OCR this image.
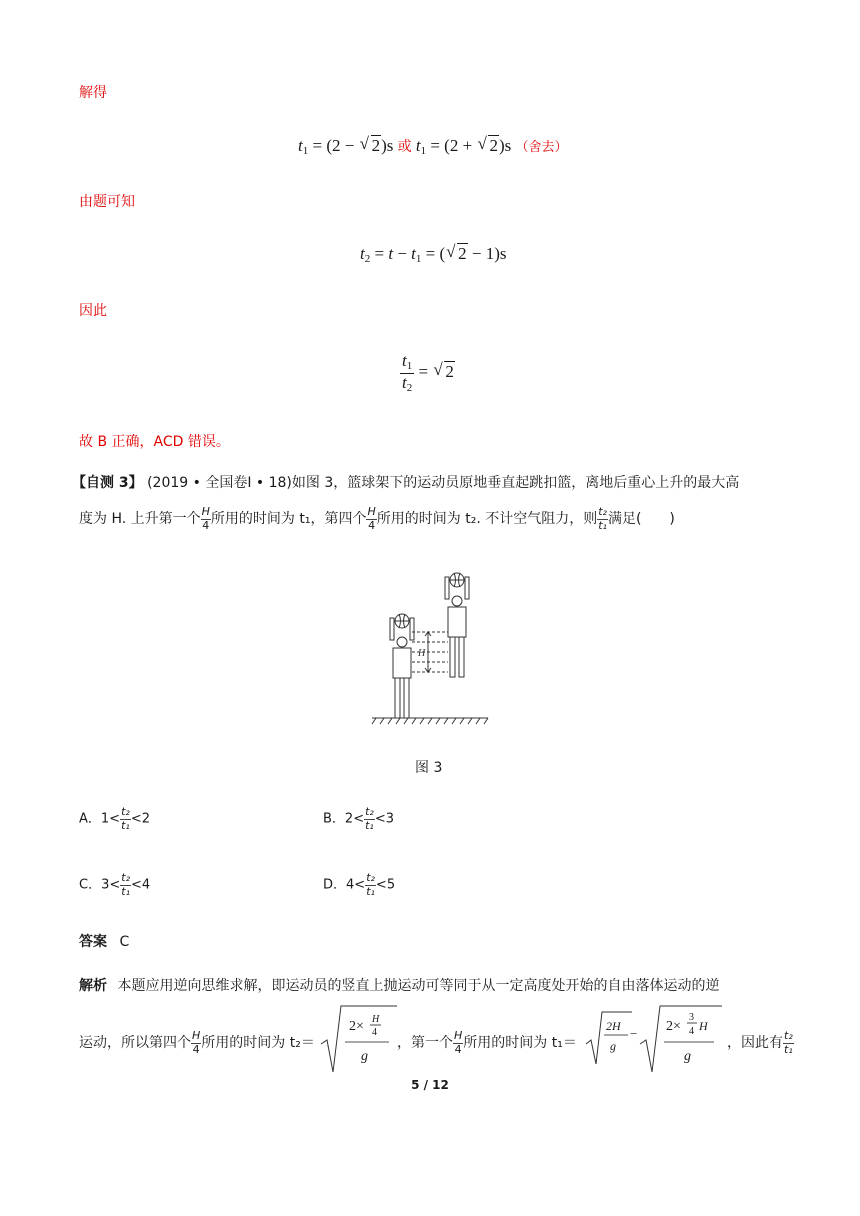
解得
$t_1 = (2$ − √ 2)s 或 $t_1 = (2$ + √ 2)s （舍去）
由题可知
$t_2 = t - t_1$ = ( √ 2 − 1)s
因此
$\frac{t_1}{t_2}$ = √ 2
故 B 正确，ACD 错误。
【自测 3】 (2019 • 全国卷Ⅰ • 18)如图 3，篮球架下的运动员原地垂直起跳扣篮，离地后重心上升的最大高
度为 H. 上升第一个 $\frac{H}{4}$ 所用的时间为 t₁，第四个 $\frac{H}{4}$ 所用的时间为 t₂. 不计空气阻力，则 $\frac{\text{t₂}}{\text{t₁}}$ 满足(　　)
H
图 3
A．$1< \frac{\text{t₂}}{\text{t₁}} <2$	B．$2< \frac{\text{t₂}}{\text{t₁}} <3$
C．$3< \frac{\text{t₂}}{\text{t₁}} <4$	D．$4< \frac{\text{t₂}}{\text{t₁}} <5$
答案 C
解析 本题应用逆向思维求解，即运动员的竖直上抛运动可等同于从一定高度处开始的自由落体运动的逆
运动，所以第四个 $\frac{H}{4}$ 所用的时间为 t₂＝
2× H
4
g
，第一个 $\frac{H}{4}$ 所用的时间为 t₁＝
2H
g
− 2×
3
4 H
g
，因此有 $\frac{\text{t₂}}{\text{t₁}}$
5 / 12
